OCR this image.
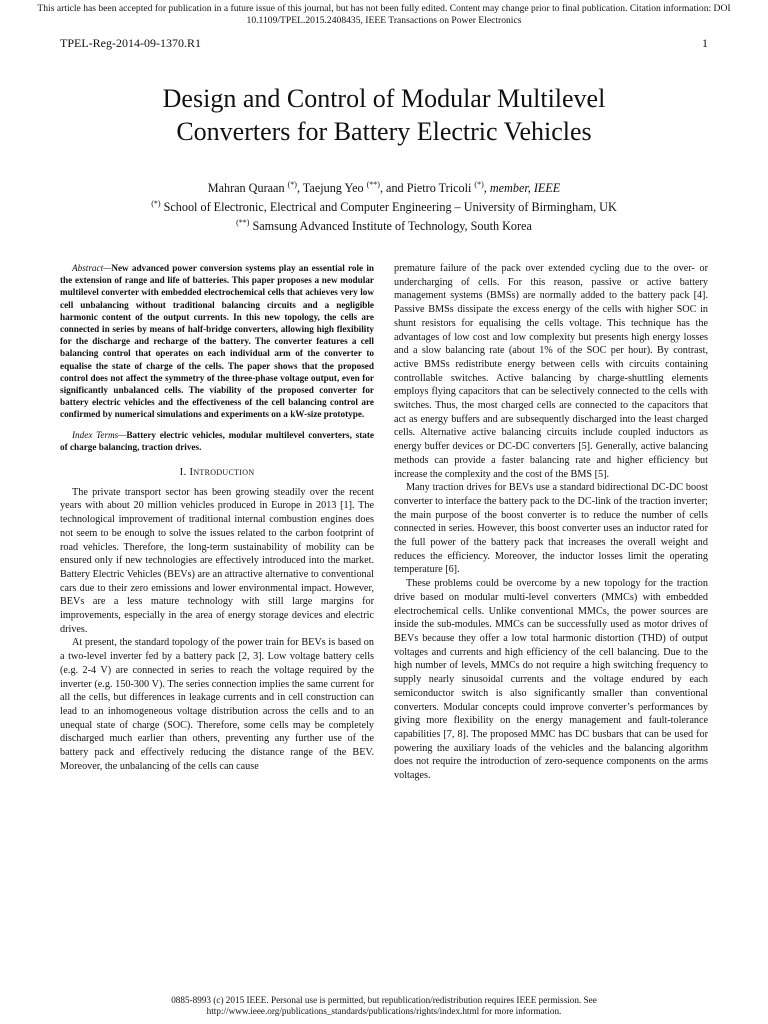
This article has been accepted for publication in a future issue of this journal, but has not been fully edited. Content may change prior to final publication. Citation information: DOI
10.1109/TPEL.2015.2408435, IEEE Transactions on Power Electronics
TPEL-Reg-2014-09-1370.R1	1
Design and Control of Modular Multilevel
Converters for Battery Electric Vehicles
Mahran Quraan (*), Taejung Yeo (**), and Pietro Tricoli (*), member, IEEE
(*) School of Electronic, Electrical and Computer Engineering – University of Birmingham, UK
(**) Samsung Advanced Institute of Technology, South Korea

Abstract—New advanced power conversion systems play an essential role in the extension of range and life of batteries. This paper proposes a new modular multilevel converter with embedded electrochemical cells that achieves very low cell unbalancing without traditional balancing circuits and a negligible harmonic content of the output currents. In this new topology, the cells are connected in series by means of half-bridge converters, allowing high flexibility for the discharge and recharge of the battery. The converter features a cell balancing control that operates on each individual arm of the converter to equalise the state of charge of the cells. The paper shows that the proposed control does not affect the symmetry of the three-phase voltage output, even for significantly unbalanced cells. The viability of the proposed converter for battery electric vehicles and the effectiveness of the cell balancing control are confirmed by numerical simulations and experiments on a kW-size prototype.

Index Terms—Battery electric vehicles, modular multilevel converters, state of charge balancing, traction drives.

I. Introduction

The private transport sector has been growing steadily over the recent years with about 20 million vehicles produced in Europe in 2013 [1]. The technological improvement of traditional internal combustion engines does not seem to be enough to solve the issues related to the carbon footprint of road vehicles. Therefore, the long-term sustainability of mobility can be ensured only if new technologies are effectively introduced into the market. Battery Electric Vehicles (BEVs) are an attractive alternative to conventional cars due to their zero emissions and lower environmental impact. However, BEVs are a less mature technology with still large margins for improvements, especially in the area of energy storage devices and electric drives.

At present, the standard topology of the power train for BEVs is based on a two-level inverter fed by a battery pack [2, 3]. Low voltage battery cells (e.g. 2-4 V) are connected in series to reach the voltage required by the inverter (e.g. 150-300 V). The series connection implies the same current for all the cells, but differences in leakage currents and in cell construction can lead to an inhomogeneous voltage distribution across the cells and to an unequal state of charge (SOC). Therefore, some cells may be completely discharged much earlier than others, preventing any further use of the battery pack and effectively reducing the distance range of the BEV. Moreover, the unbalancing of the cells can cause

premature failure of the pack over extended cycling due to the over- or undercharging of cells. For this reason, passive or active battery management systems (BMSs) are normally added to the battery pack [4]. Passive BMSs dissipate the excess energy of the cells with higher SOC in shunt resistors for equalising the cells voltage. This technique has the advantages of low cost and low complexity but presents high energy losses and a slow balancing rate (about 1% of the SOC per hour). By contrast, active BMSs redistribute energy between cells with circuits containing controllable switches. Active balancing by charge-shuttling elements employs flying capacitors that can be selectively connected to the cells with switches. Thus, the most charged cells are connected to the capacitors that act as energy buffers and are subsequently discharged into the least charged cells. Alternative active balancing circuits include coupled inductors as energy buffer devices or DC-DC converters [5]. Generally, active balancing methods can provide a faster balancing rate and higher efficiency but increase the complexity and the cost of the BMS [5].

Many traction drives for BEVs use a standard bidirectional DC-DC boost converter to interface the battery pack to the DC-link of the traction inverter; the main purpose of the boost converter is to reduce the number of cells connected in series. However, this boost converter uses an inductor rated for the full power of the battery pack that increases the overall weight and reduces the efficiency. Moreover, the inductor losses limit the operating temperature [6].

These problems could be overcome by a new topology for the traction drive based on modular multi-level converters (MMCs) with embedded electrochemical cells. Unlike conventional MMCs, the power sources are inside the sub-modules. MMCs can be successfully used as motor drives of BEVs because they offer a low total harmonic distortion (THD) of output voltages and currents and high efficiency of the cell balancing. Due to the high number of levels, MMCs do not require a high switching frequency to supply nearly sinusoidal currents and the voltage endured by each semiconductor switch is also significantly smaller than conventional converters. Modular concepts could improve converter’s performances by giving more flexibility on the energy management and fault-tolerance capabilities [7, 8]. The proposed MMC has DC busbars that can be used for powering the auxiliary loads of the vehicles and the balancing algorithm does not require the introduction of zero-sequence components on the arms voltages.

0885-8993 (c) 2015 IEEE. Personal use is permitted, but republication/redistribution requires IEEE permission. See
http://www.ieee.org/publications_standards/publications/rights/index.html for more information.
